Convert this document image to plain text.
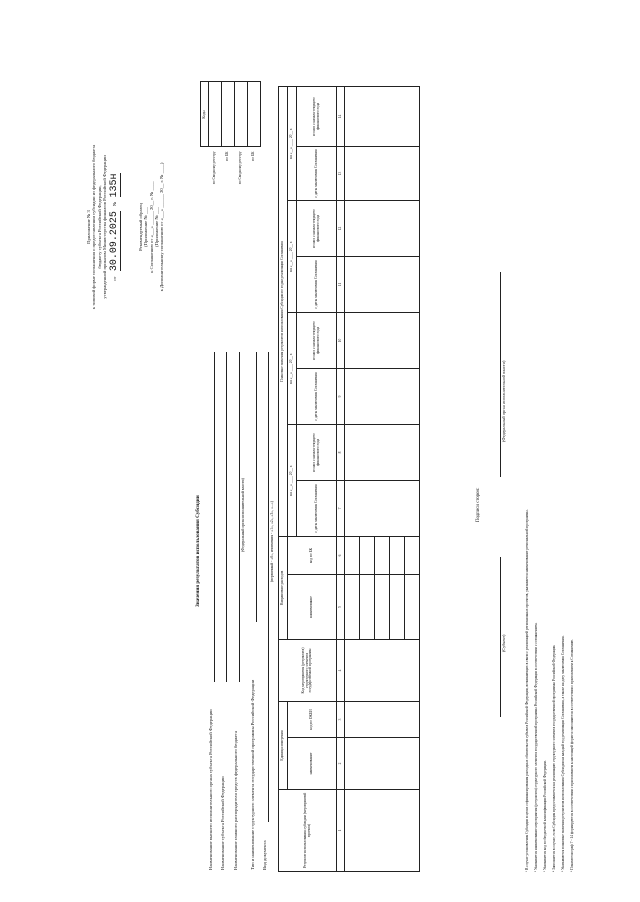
Приложение № 3 к типовой форме соглашения о предоставлении субсидии из федерального бюджета бюджету субъекта Российской Федерации, утвержденной приказом Министерства финансов Российской Федерации	от 30.09.2025 № 135н
Рекомендуемый образец (Приложение № ___ к Соглашению от «___» ______ 20__ г. № ____ (Приложение № ___ к Дополнительному соглашению от «___» ______ 20__ г. № ____)
Значения результатов использования Субсидии
Наименование высшего исполнительного органа субъекта Российской Федерации Наименование субъекта Российской Федерации Наименование главного распорядителя средств федерального бюджета
(Федеральный орган исполнительной власти)
Тип и наименование структурного элемента государственной программы Российской Федерации Вид документа
(первичный - «0», изменения - «1», «2», «3», «...»)
	Коды
по Сводному реестру	
по БК	
по Сводному реестру	
по БК	
Результат использования субсидии (мероприятий проекта)	Единица измерения		Код мероприятия (результата) структурного элемента государственной программы	Направление расходов		Плановые значения результатов использования Субсидии по годам реализации Соглашения							
	наименование	код по ОКЕИ		наименование	код по БК	на «__» ____ 20__ г.		на «__» ____ 20__ г.		на «__» ____ 20__ г.		на «__» ____ 20__ г.	
						с даты заключения Соглашения	из них с начала текущего финансового года	с даты заключения Соглашения	из них с начала текущего финансового года	с даты заключения Соглашения	из них с начала текущего финансового года	с даты заключения Соглашения	из них с начала текущего финансового года
1	2	3	4	5	6	7	8	9	10	11	12	13	14

Подписи сторон:
(Субъект)
(Федеральный орган исполнительной власти)
¹ В случае установления Субсидии в целях софинансирования расходных обязательств субъекта Российской Федерации, возникающих в связи с реализацией региональных проектов, указывается наименование региональной программы. ² Указывается наименование мероприятия (результата) структурного элемента государственной программы Российской Федерации в соответствии с соглашением. ³ Указывается код по бюджетной классификации Российской Федерации. ⁴ Заполняется в случае, если Субсидия предоставляется на реализацию структурного элемента государственной программы Российской Федерации. ⁵ Указываются плановые значения результатов использования Субсидии на каждый год реализации Соглашения, а также на дату заключения Соглашения. ⁶ Показатели граф 7 - 14 формируются в соответствии с приложением к настоящей форме и заполняются в соответствии с приложением к Соглашению.
